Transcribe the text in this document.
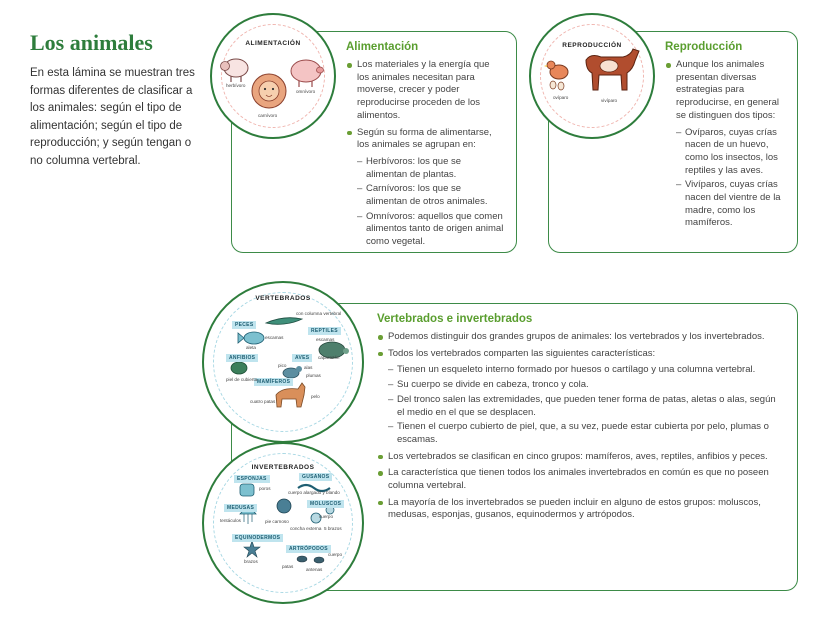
Los animales

En esta lámina se muestran tres formas diferentes de clasificar a los animales: según el tipo de alimentación; según el tipo de reproducción; y según tengan o no columna vertebral.

Alimentación
Los materiales y la energía que los animales necesitan para moverse, crecer y poder reproducirse proceden de los alimentos.
Según su forma de alimentarse, los animales se agrupan en:
– Herbívoros: los que se alimentan de plantas.
– Carnívoros: los que se alimentan de otros animales.
– Omnívoros: aquellos que comen alimentos tanto de origen animal como vegetal.
ALIMENTACIÓN
herbívoro
omnívoro
carnívoro
Reproducción
Aunque los animales presentan diversas estrategias para reproducirse, en general se distinguen dos tipos:
– Ovíparos, cuyas crías nacen de un huevo, como los insectos, los reptiles y las aves.
– Vivíparos, cuyas crías nacen del vientre de la madre, como los mamíferos.
REPRODUCCIÓN
ovíparo
vivíparo
Vertebrados e invertebrados
Podemos distinguir dos grandes grupos de animales: los vertebrados y los invertebrados.
Todos los vertebrados comparten las siguientes características:
– Tienen un esqueleto interno formado por huesos o cartílago y una columna vertebral.
– Su cuerpo se divide en cabeza, tronco y cola.
– Del tronco salen las extremidades, que pueden tener forma de patas, aletas o alas, según el medio en el que se desplacen.
– Tienen el cuerpo cubierto de piel, que, a su vez, puede estar cubierta por pelo, plumas o escamas.
Los vertebrados se clasifican en cinco grupos: mamíferos, aves, reptiles, anfibios y peces.
La característica que tienen todos los animales invertebrados en común es que no poseen columna vertebral.
La mayoría de los invertebrados se pueden incluir en alguno de estos grupos: moluscos, medusas, esponjas, gusanos, equinodermos y artrópodos.
VERTEBRADOS
PECES
REPTILES
ANFIBIOS	AVES
MAMÍFEROS
con columna vertebral
escamas
aleta
escamas
caparazón
piel de cubierta
pico	alas
plumas
cuatro patas
pelo
INVERTEBRADOS
ESPONJAS	GUSANOS
MEDUSAS
MOLUSCOS
EQUINODERMOS
ARTRÓPODOS
poros
cuerpo alargado y blando
tentáculos	pie carnoso
concha externa 5 brazos
cuerpo
patas
antenas
cuerpo
brazos
